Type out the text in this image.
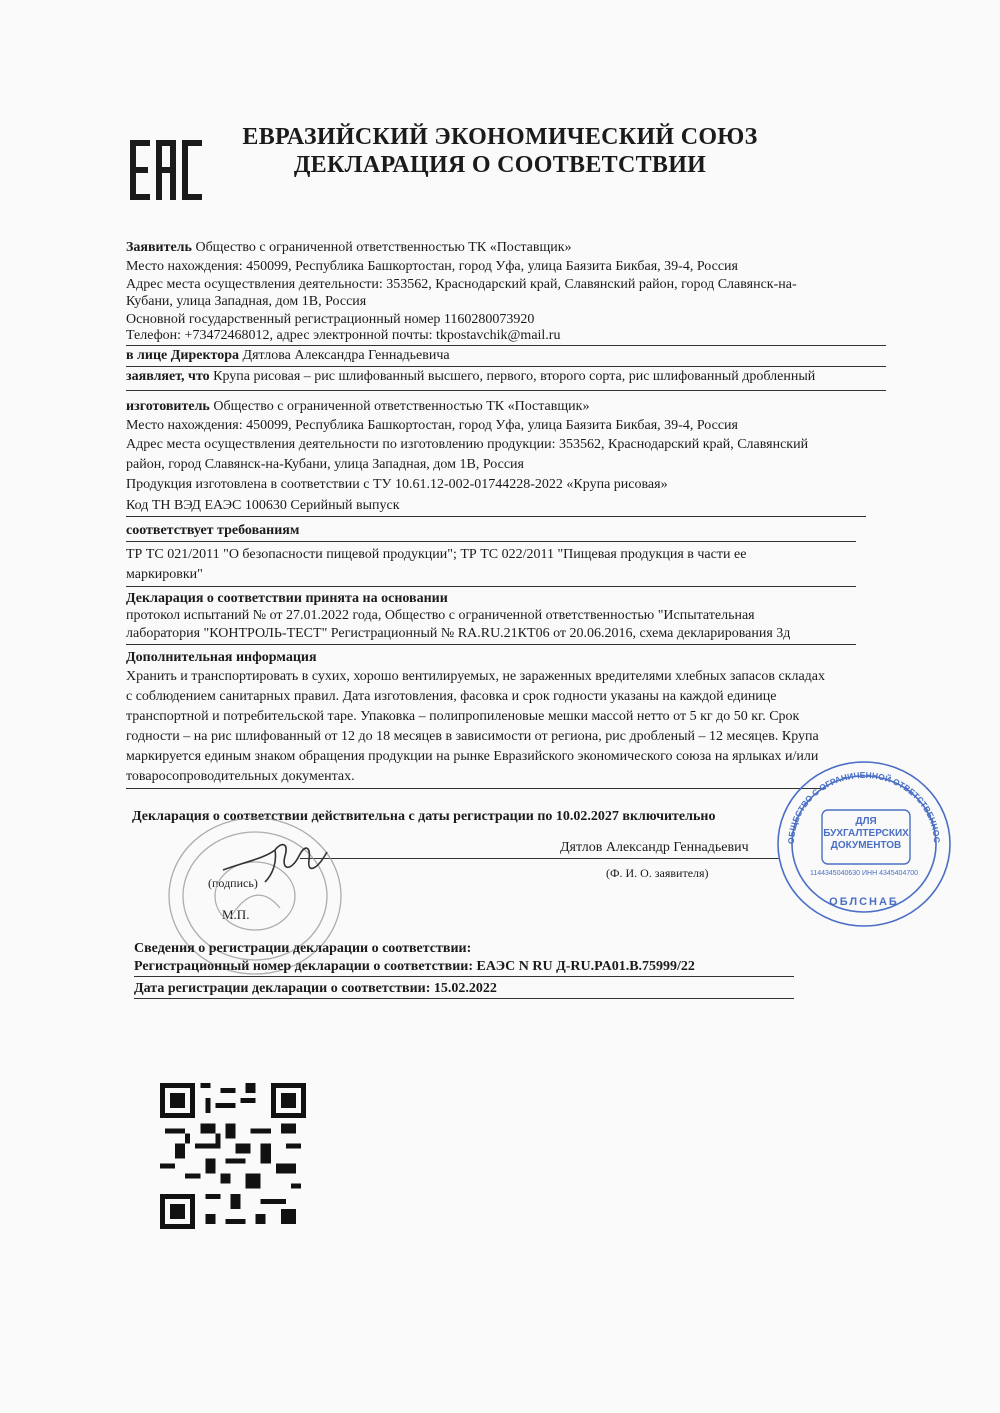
ЕВРАЗИЙСКИЙ ЭКОНОМИЧЕСКИЙ СОЮЗ
ДЕКЛАРАЦИЯ О СООТВЕТСТВИИ
Заявитель Общество с ограниченной ответственностью ТК «Поставщик»
Место нахождения: 450099, Республика Башкортостан, город Уфа, улица Баязита Бикбая, 39-4, Россия
Адрес места осуществления деятельности: 353562, Краснодарский край, Славянский район, город Славянск-на-
Кубани, улица Западная, дом 1В, Россия
Основной государственный регистрационный номер 1160280073920
Телефон: +73472468012, адрес электронной почты: tkpostavchik@mail.ru
в лице Директора Дятлова Александра Геннадьевича
заявляет, что Крупа рисовая – рис шлифованный высшего, первого, второго сорта, рис шлифованный дробленный
изготовитель Общество с ограниченной ответственностью ТК «Поставщик»
Место нахождения: 450099, Республика Башкортостан, город Уфа, улица Баязита Бикбая, 39-4, Россия
Адрес места осуществления деятельности по изготовлению продукции: 353562, Краснодарский край, Славянский
район, город Славянск-на-Кубани, улица Западная, дом 1В, Россия
Продукция изготовлена в соответствии с ТУ 10.61.12-002-01744228-2022 «Крупа рисовая»
Код ТН ВЭД ЕАЭС 100630 Серийный выпуск
соответствует требованиям
ТР ТС 021/2011 "О безопасности пищевой продукции"; ТР ТС 022/2011 "Пищевая продукция в части ее
маркировки"
Декларация о соответствии принята на основании
протокол испытаний № от 27.01.2022 года, Общество с ограниченной ответственностью "Испытательная
лаборатория "КОНТРОЛЬ-ТЕСТ" Регистрационный № RA.RU.21КТ06 от 20.06.2016, схема декларирования 3д
Дополнительная информация
Хранить и транспортировать в сухих, хорошо вентилируемых, не зараженных вредителями хлебных запасов складах
с соблюдением санитарных правил. Дата изготовления, фасовка и срок годности указаны на каждой единице
транспортной и потребительской таре. Упаковка – полипропиленовые мешки массой нетто от 5 кг до 50 кг. Срок
годности – на рис шлифованный от 12 до 18 месяцев в зависимости от региона, рис дробленый – 12 месяцев. Крупа
маркируется единым знаком обращения продукции на рынке Евразийского экономического союза на ярлыках и/или
товаросопроводительных документах.
Декларация о соответствии действительна с даты регистрации по 10.02.2027 включительно
Дятлов Александр Геннадьевич
(Ф. И. О. заявителя)
(подпись)
М.П.
ОБЩЕСТВО С ОГРАНИЧЕННОЙ ОТВЕТСТВЕННОС
ДЛЯ
БУХГАЛТЕРСКИХ
ДОКУМЕНТОВ
1144345040630 ИНН 4345404700
ОБЛСНАБ
Сведения о регистрации декларации о соответствии:
Регистрационный номер декларации о соответствии: ЕАЭС N RU Д-RU.PA01.B.75999/22
Дата регистрации декларации о соответствии: 15.02.2022
